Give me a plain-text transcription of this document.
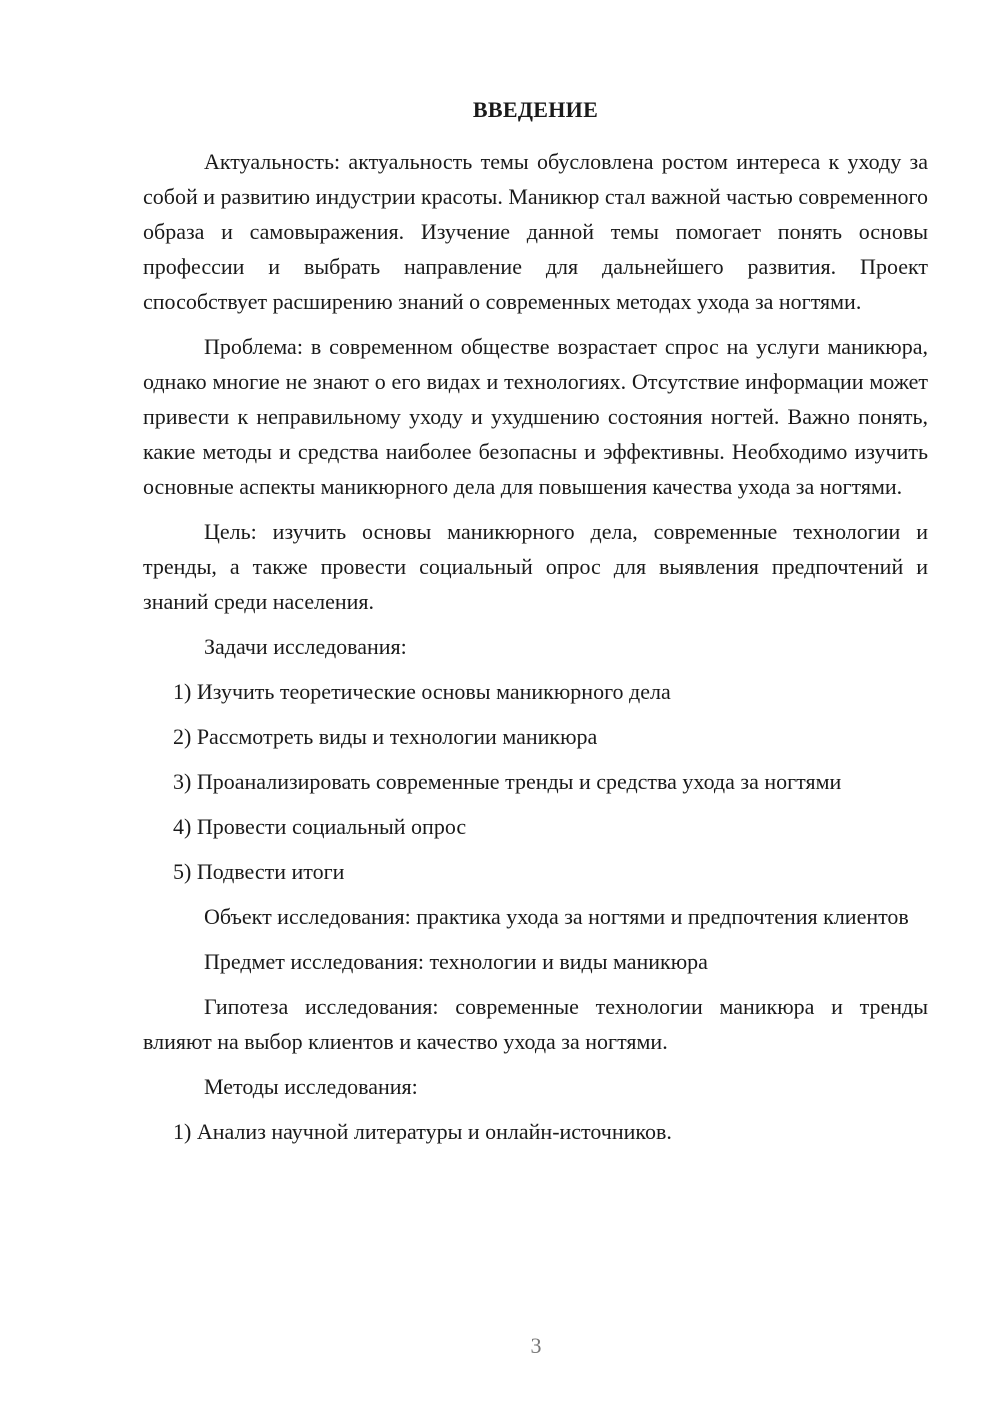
ВВЕДЕНИЕ

Актуальность: актуальность темы обусловлена ростом интереса к уходу за собой и развитию индустрии красоты. Маникюр стал важной частью современного образа и самовыражения. Изучение данной темы помогает понять основы профессии и выбрать направление для дальнейшего развития. Проект способствует расширению знаний о современных методах ухода за ногтями.

Проблема: в современном обществе возрастает спрос на услуги маникюра, однако многие не знают о его видах и технологиях. Отсутствие информации может привести к неправильному уходу и ухудшению состояния ногтей. Важно понять, какие методы и средства наиболее безопасны и эффективны. Необходимо изучить основные аспекты маникюрного дела для повышения качества ухода за ногтями.

Цель: изучить основы маникюрного дела, современные технологии и тренды, а также провести социальный опрос для выявления предпочтений и знаний среди населения.

Задачи исследования:

1) Изучить теоретические основы маникюрного дела

2) Рассмотреть виды и технологии маникюра

3) Проанализировать современные тренды и средства ухода за ногтями

4) Провести социальный опрос

5) Подвести итоги

Объект исследования: практика ухода за ногтями и предпочтения клиентов

Предмет исследования: технологии и виды маникюра

Гипотеза исследования: современные технологии маникюра и тренды влияют на выбор клиентов и качество ухода за ногтями.

Методы исследования:

1) Анализ научной литературы и онлайн-источников.

3
